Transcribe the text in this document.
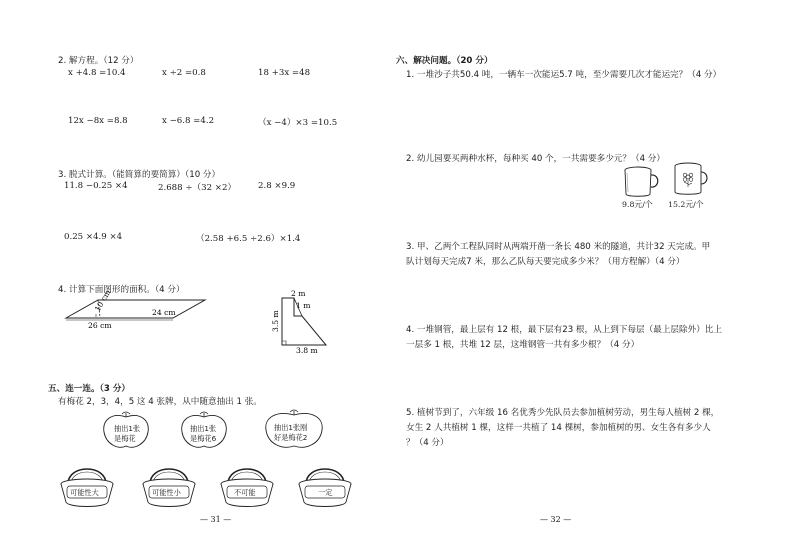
2. 解方程。（12 分）
x +4.8 =10.4	x ÷2 =0.8	18 +3x =48
12x −8x =8.8	x −6.8 =4.2	（x −4）×3 =10.5
3. 脱式计算。（能简算的要简算）（10 分）
11.8 −0.25 ×4	2.688 ÷（32 ×2）	2.8 ×9.9
0.25 ×4.9 ×4	（2.58 +6.5 ÷2.6）×1.4
4. 计算下面图形的面积。（4 分）
10 cm
26 cm
24 cm
2 m
1 m
3.5 m
3.8 m
五、连一连。（3 分）
有梅花 2，3，4，5 这 4 张牌，从中随意抽出 1 张。
抽出1张
是梅花
抽出1张
是梅花6
抽出1张刚
好是梅花2
可能性大	可能性小	不可能	一定
— 31 —
六、解决问题。（20 分）
1. 一堆沙子共50.4 吨，一辆车一次能运5.7 吨，至少需要几次才能运完？（4 分）
2. 幼儿园要买两种水杯，每种买 40 个，一共需要多少元？（4 分）
9.8元/个 15.2元/个
3. 甲、乙两个工程队同时从两端开凿一条长 480 米的隧道，共计32 天完成。甲
队计划每天完成7 米，那么乙队每天要完成多少米？（用方程解）（4 分）
4. 一堆钢管，最上层有 12 根，最下层有23 根，从上到下每层（最上层除外）比上
一层多 1 根，共堆 12 层，这堆钢管一共有多少根？（4 分）
5. 植树节到了，六年级 16 名优秀少先队员去参加植树劳动，男生每人植树 2 棵，
女生 2 人共植树 1 棵，这样一共植了 14 棵树，参加植树的男、女生各有多少人
？（4 分）
— 32 —
